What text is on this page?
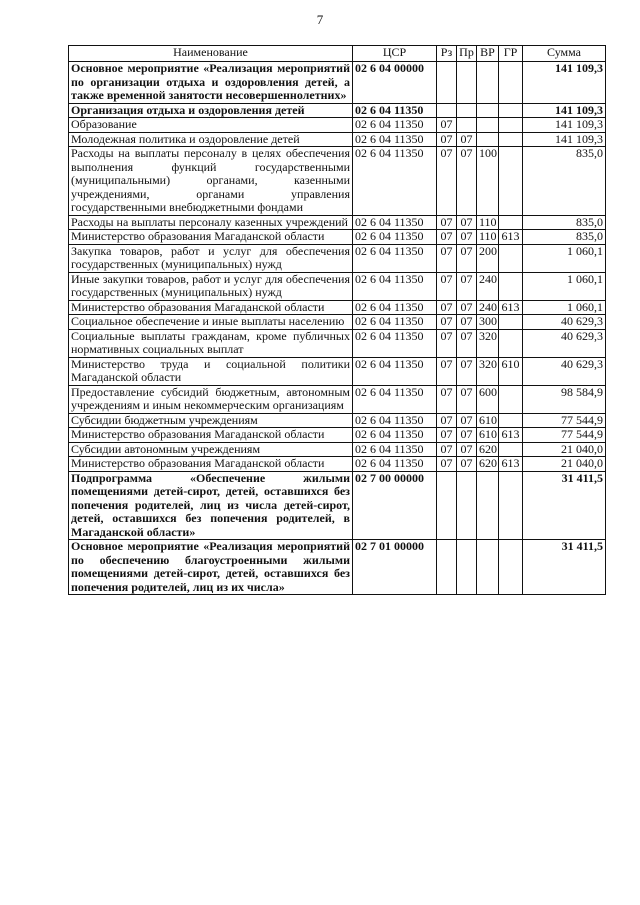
7
Наименование	ЦСР	Рз	Пр	ВР	ГР	Сумма
Основное мероприятие «Реализация мероприятий по организации отдыха и оздоровления детей, а также временной занятости несовершеннолетних»	02 6 04 00000					141 109,3
Организация отдыха и оздоровления детей	02 6 04 11350					141 109,3
Образование	02 6 04 11350	07				141 109,3
Молодежная политика и оздоровление детей	02 6 04 11350	07	07			141 109,3
Расходы на выплаты персоналу в целях обеспечения выполнения функций государственными (муниципальными) органами, казенными учреждениями, органами управления государственными внебюджетными фондами	02 6 04 11350	07	07	100		835,0
Расходы на выплаты персоналу казенных учреждений	02 6 04 11350	07	07	110		835,0
Министерство образования Магаданской области	02 6 04 11350	07	07	110	613	835,0
Закупка товаров, работ и услуг для обеспечения государственных (муниципальных) нужд	02 6 04 11350	07	07	200		1 060,1
Иные закупки товаров, работ и услуг для обеспечения государственных (муниципальных) нужд	02 6 04 11350	07	07	240		1 060,1
Министерство образования Магаданской области	02 6 04 11350	07	07	240	613	1 060,1
Социальное обеспечение и иные выплаты населению	02 6 04 11350	07	07	300		40 629,3
Социальные выплаты гражданам, кроме публичных нормативных социальных выплат	02 6 04 11350	07	07	320		40 629,3
Министерство труда и социальной политики Магаданской области	02 6 04 11350	07	07	320	610	40 629,3
Предоставление субсидий бюджетным, автономным учреждениям и иным некоммерческим организациям	02 6 04 11350	07	07	600		98 584,9
Субсидии бюджетным учреждениям	02 6 04 11350	07	07	610		77 544,9
Министерство образования Магаданской области	02 6 04 11350	07	07	610	613	77 544,9
Субсидии автономным учреждениям	02 6 04 11350	07	07	620		21 040,0
Министерство образования Магаданской области	02 6 04 11350	07	07	620	613	21 040,0
Подпрограмма «Обеспечение жилыми помещениями детей-сирот, детей, оставшихся без попечения родителей, лиц из числа детей-сирот, детей, оставшихся без попечения родителей, в Магаданской области»	02 7 00 00000					31 411,5
Основное мероприятие «Реализация мероприятий по обеспечению благоустроенными жилыми помещениями детей-сирот, детей, оставшихся без попечения родителей, лиц из их числа»	02 7 01 00000					31 411,5
